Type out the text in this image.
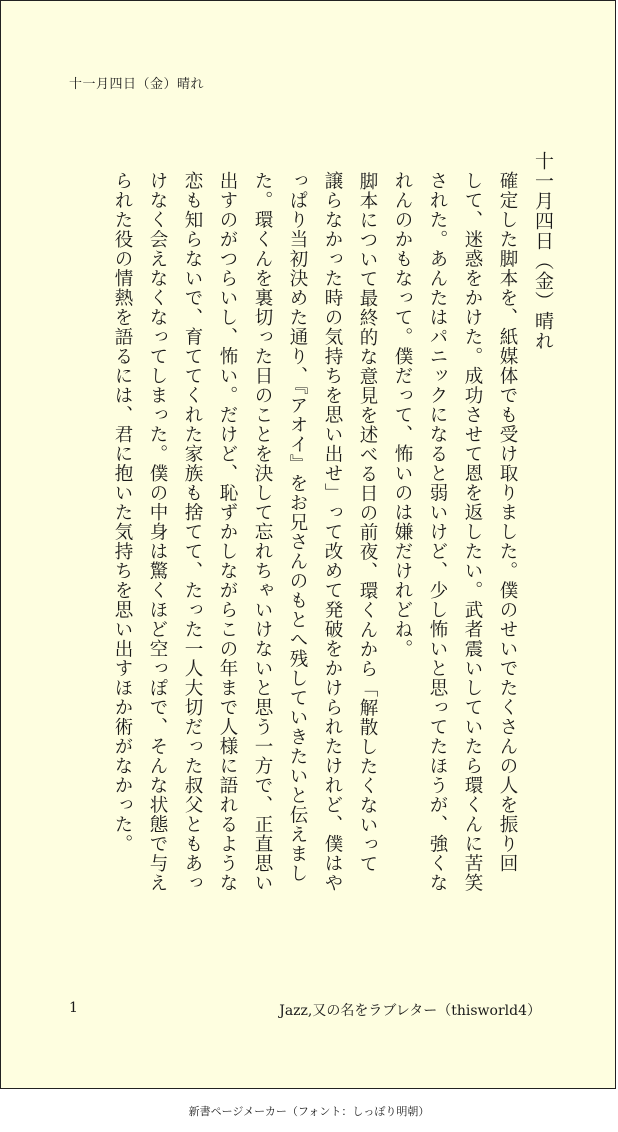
十一月四日（金）晴れ
十一月四日（金）晴れ
確定した脚本を、紙媒体でも受け取りました。僕のせいでたくさんの人を振り回
して、迷惑をかけた。成功させて恩を返したい。武者震いしていたら環くんに苦笑
された。あんたはパニックになると弱いけど、少し怖いと思ってたほうが、強くな
れんのかもなって。僕だって、怖いのは嫌だけれどね。
　脚本について最終的な意見を述べる日の前夜、環くんから「解散したくないって
譲らなかった時の気持ちを思い出せ」って改めて発破をかけられたけれど、僕はや
っぱり当初決めた通り、『アオイ』をお兄さんのもとへ残していきたいと伝えまし
た。環くんを裏切った日のことを決して忘れちゃいけないと思う一方で、正直思い
出すのがつらいし、怖い。だけど、恥ずかしながらこの年まで人様に語れるような
恋も知らないで、育ててくれた家族も捨てて、たった一人大切だった叔父ともあっ
けなく会えなくなってしまった。僕の中身は驚くほど空っぽで、そんな状態で与え
られた役の情熱を語るには、君に抱いた気持ちを思い出すほか術がなかった。
1	Jazz,又の名をラブレター（thisworld4）
新書ページメーカー（フォント：しっぽり明朝）
